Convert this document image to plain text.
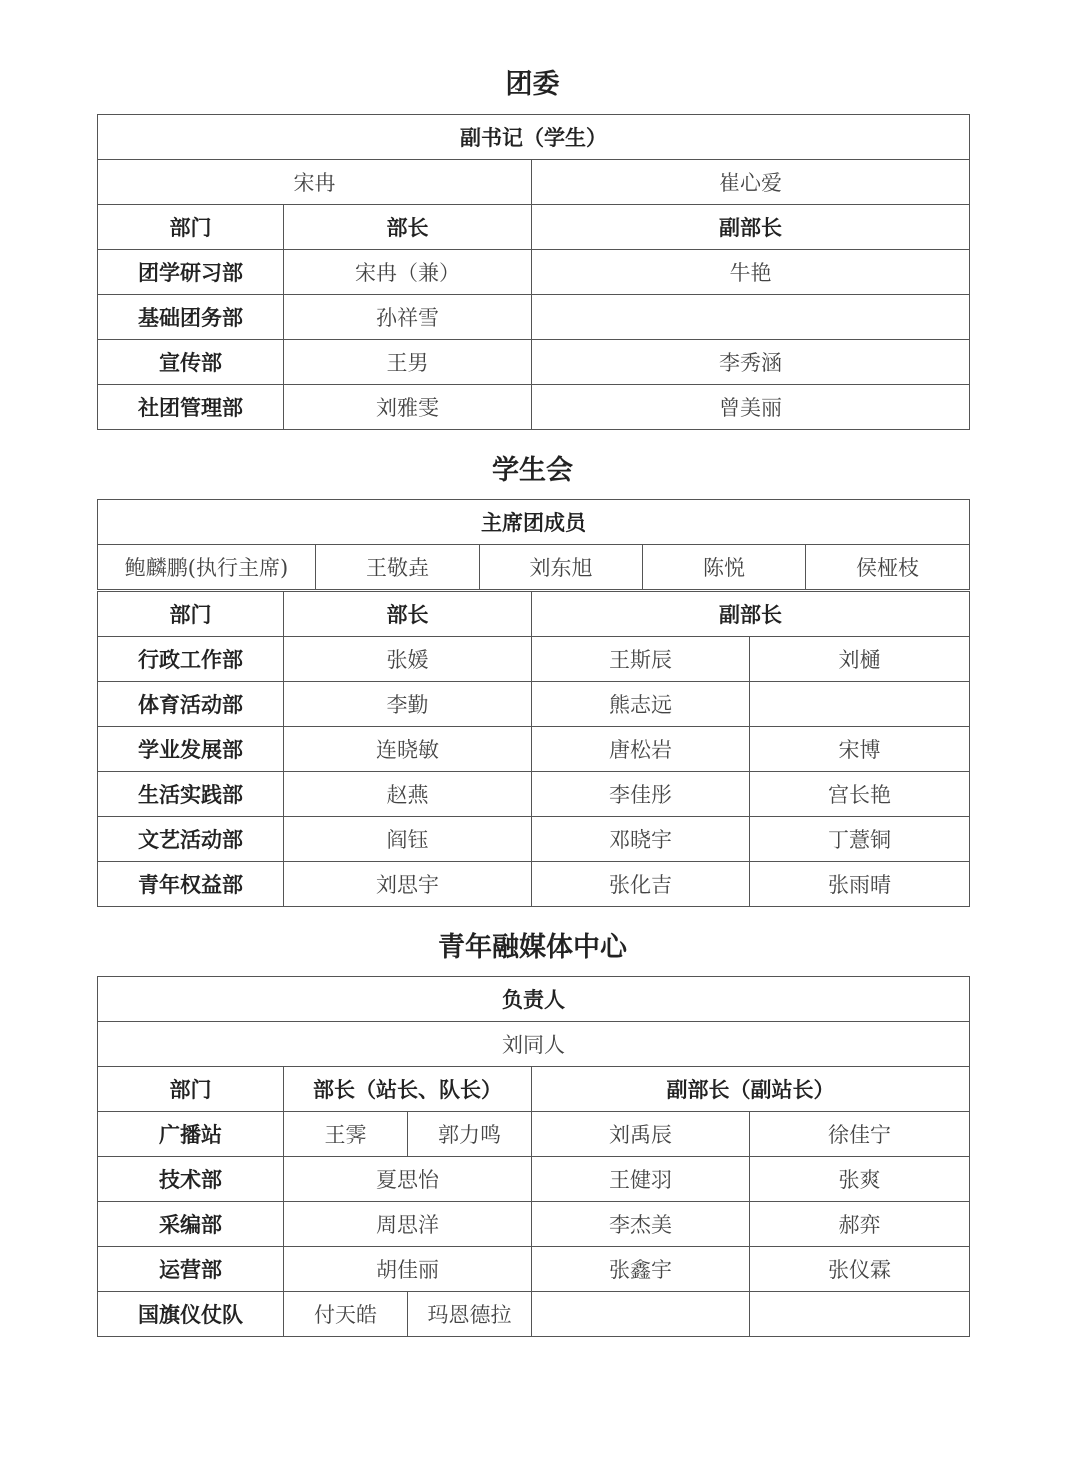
团委
副书记（学生）		
宋冉		崔心爱
部门	部长	副部长
团学研习部	宋冉（兼）	牛艳
基础团务部	孙祥雪	
宣传部	王男	李秀涵
社团管理部	刘雅雯	曾美丽
学生会
主席团成员
鲍麟鹏(执行主席)	王敬垚	刘东旭	陈悦	侯桠枝
部门	部长	副部长	
行政工作部	张媛	王斯辰	刘樋
体育活动部	李勤	熊志远	
学业发展部	连晓敏	唐松岩	宋博
生活实践部	赵燕	李佳彤	宫长艳
文艺活动部	阎钰	邓晓宇	丁薏铜
青年权益部	刘思宇	张化吉	张雨晴
青年融媒体中心
负责人				
刘同人				
部门	部长（站长、队长）		副部长（副站长）	
广播站	王霁	郭力鸣	刘禹辰	徐佳宁
技术部	夏思怡		王健羽	张爽
采编部	周思洋		李杰美	郝弈
运营部	胡佳丽		张鑫宇	张仪霖
国旗仪仗队	付天皓	玛恩德拉		
